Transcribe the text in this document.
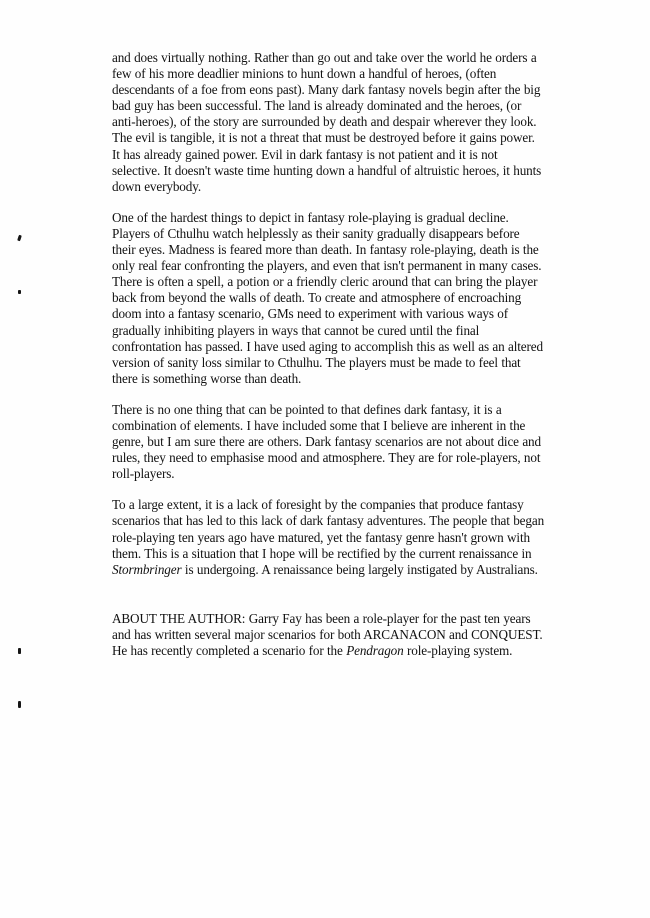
and does virtually nothing. Rather than go out and take over the world he orders a few of his more deadlier minions to hunt down a handful of heroes, (often descendants of a foe from eons past). Many dark fantasy novels begin after the big bad guy has been successful. The land is already dominated and the heroes, (or anti-heroes), of the story are surrounded by death and despair wherever they look. The evil is tangible, it is not a threat that must be destroyed before it gains power. It has already gained power. Evil in dark fantasy is not patient and it is not selective. It doesn't waste time hunting down a handful of altruistic heroes, it hunts down everybody.

One of the hardest things to depict in fantasy role-playing is gradual decline. Players of Cthulhu watch helplessly as their sanity gradually disappears before their eyes. Madness is feared more than death. In fantasy role-playing, death is the only real fear confronting the players, and even that isn't permanent in many cases. There is often a spell, a potion or a friendly cleric around that can bring the player back from beyond the walls of death. To create and atmosphere of encroaching doom into a fantasy scenario, GMs need to experiment with various ways of gradually inhibiting players in ways that cannot be cured until the final confrontation has passed. I have used aging to accomplish this as well as an altered version of sanity loss similar to Cthulhu. The players must be made to feel that there is something worse than death.

There is no one thing that can be pointed to that defines dark fantasy, it is a combination of elements. I have included some that I believe are inherent in the genre, but I am sure there are others. Dark fantasy scenarios are not about dice and rules, they need to emphasise mood and atmosphere. They are for role-players, not roll-players.

To a large extent, it is a lack of foresight by the companies that produce fantasy scenarios that has led to this lack of dark fantasy adventures. The people that began role-playing ten years ago have matured, yet the fantasy genre hasn't grown with them. This is a situation that I hope will be rectified by the current renaissance in Stormbringer is undergoing. A renaissance being largely instigated by Australians.

ABOUT THE AUTHOR: Garry Fay has been a role-player for the past ten years and has written several major scenarios for both ARCANACON and CONQUEST. He has recently completed a scenario for the Pendragon role-playing system.
